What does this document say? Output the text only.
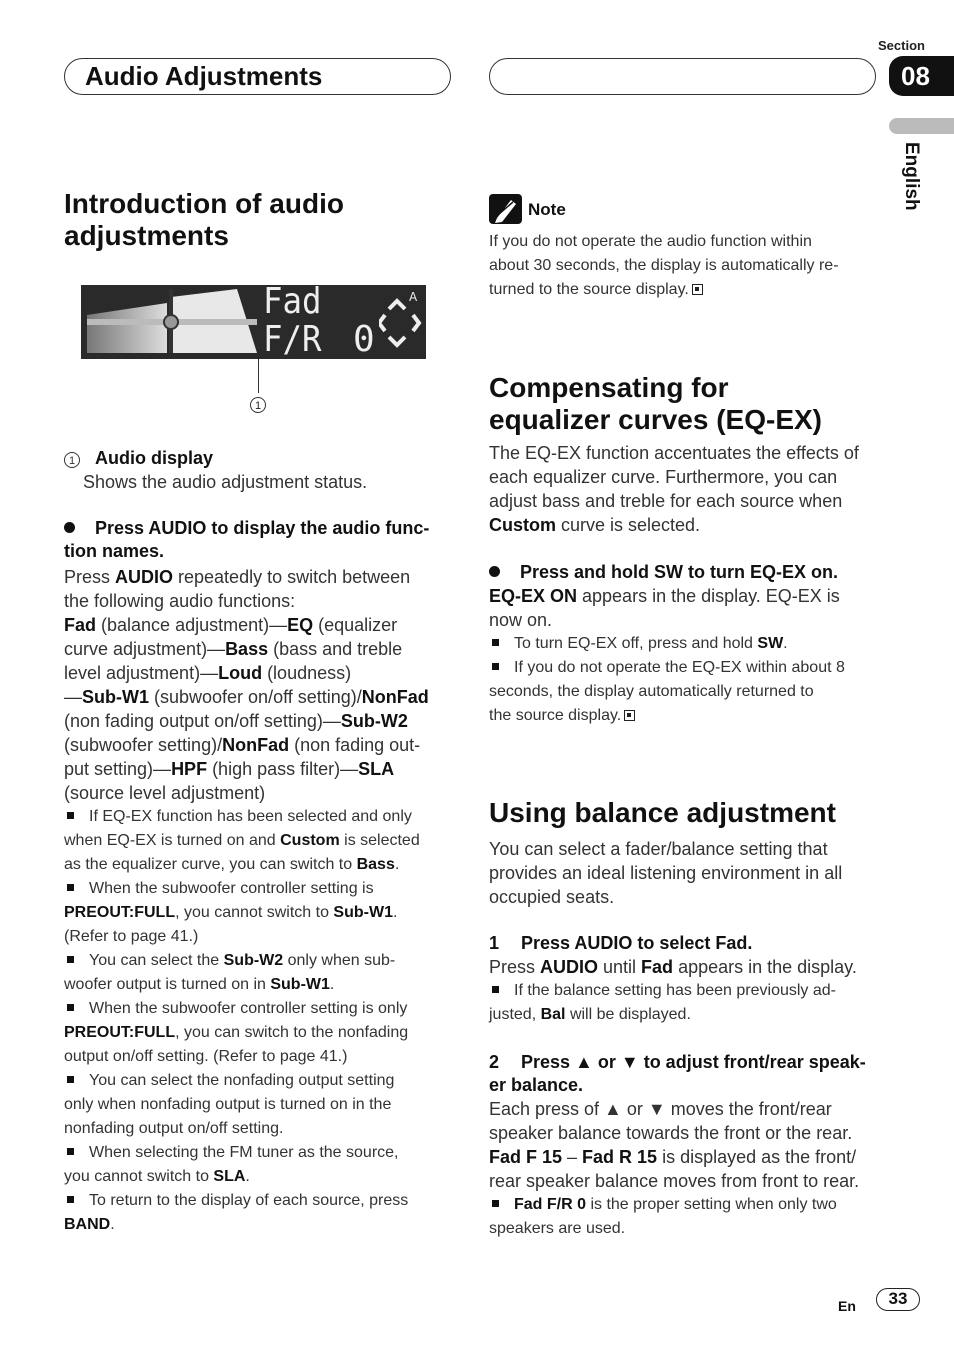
Audio Adjustments
Section
08
English
Introduction of audio
adjustments
Fad
F/R 0
A
1
1 Audio display
Shows the audio adjustment status.
Press AUDIO to display the audio func-
tion names.
Press AUDIO repeatedly to switch between
the following audio functions:
Fad (balance adjustment)—EQ (equalizer
curve adjustment)—Bass (bass and treble
level adjustment)—Loud (loudness)
—Sub-W1 (subwoofer on/off setting)/NonFad
(non fading output on/off setting)—Sub-W2
(subwoofer setting)/NonFad (non fading out-
put setting)—HPF (high pass filter)—SLA
(source level adjustment)
If EQ-EX function has been selected and only
when EQ-EX is turned on and Custom is selected
as the equalizer curve, you can switch to Bass.
When the subwoofer controller setting is
PREOUT:FULL, you cannot switch to Sub-W1.
(Refer to page 41.)
You can select the Sub-W2 only when sub-
woofer output is turned on in Sub-W1.
When the subwoofer controller setting is only
PREOUT:FULL, you can switch to the nonfading
output on/off setting. (Refer to page 41.)
You can select the nonfading output setting
only when nonfading output is turned on in the
nonfading output on/off setting.
When selecting the FM tuner as the source,
you cannot switch to SLA.
To return to the display of each source, press
BAND.
Note
If you do not operate the audio function within
about 30 seconds, the display is automatically re-
turned to the source display.
Compensating for
equalizer curves (EQ-EX)
The EQ-EX function accentuates the effects of
each equalizer curve. Furthermore, you can
adjust bass and treble for each source when
Custom curve is selected.
Press and hold SW to turn EQ-EX on.
EQ-EX ON appears in the display. EQ-EX is
now on.
To turn EQ-EX off, press and hold SW.
If you do not operate the EQ-EX within about 8
seconds, the display automatically returned to
the source display.
Using balance adjustment
You can select a fader/balance setting that
provides an ideal listening environment in all
occupied seats.
1 Press AUDIO to select Fad.
Press AUDIO until Fad appears in the display.
If the balance setting has been previously ad-
justed, Bal will be displayed.
2 Press ▲ or ▼ to adjust front/rear speak-
er balance.
Each press of ▲ or ▼ moves the front/rear
speaker balance towards the front or the rear.
Fad F 15 – Fad R 15 is displayed as the front/
rear speaker balance moves from front to rear.
Fad F/R 0 is the proper setting when only two
speakers are used.
En	33
